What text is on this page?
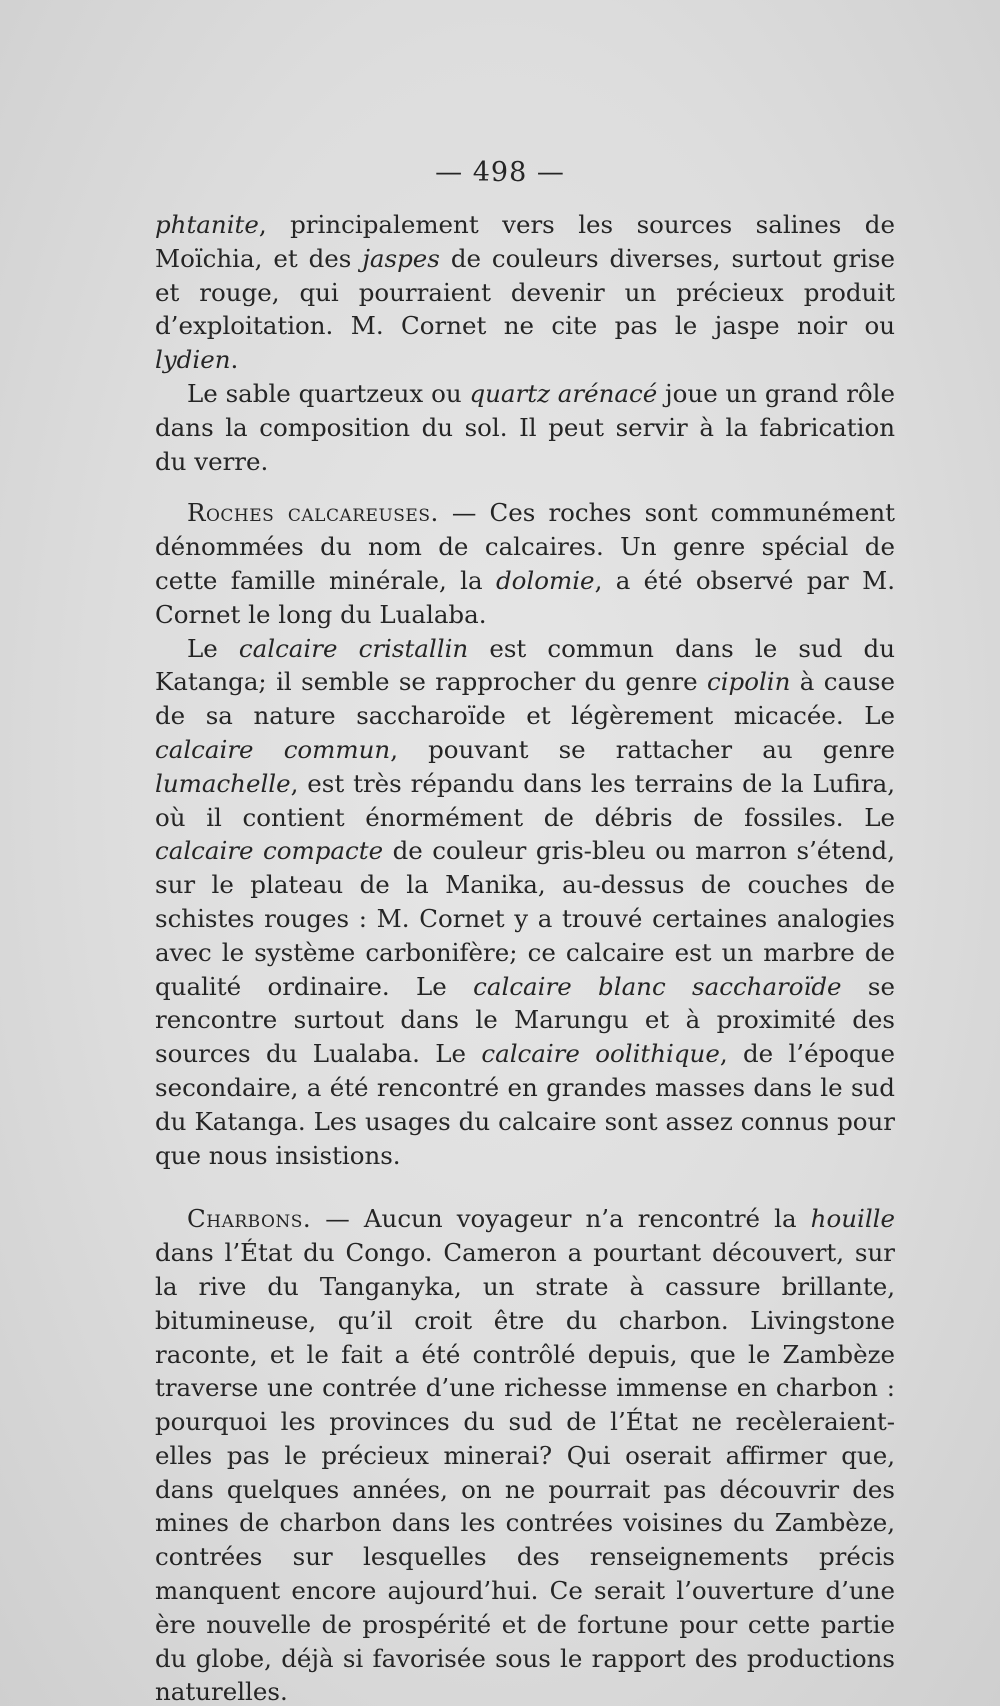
— 498 —

phtanite, principalement vers les sources salines de Moïchia, et des jaspes de couleurs diverses, surtout grise et rouge, qui pourraient devenir un précieux produit d’exploitation. M. Cornet ne cite pas le jaspe noir ou lydien.

Le sable quartzeux ou quartz arénacé joue un grand rôle dans la composition du sol. Il peut servir à la fabrication du verre.

Roches calcareuses. — Ces roches sont communément dénommées du nom de calcaires. Un genre spécial de cette famille minérale, la dolomie, a été observé par M. Cornet le long du Lualaba.

Le calcaire cristallin est commun dans le sud du Katanga; il semble se rapprocher du genre cipolin à cause de sa nature saccharoïde et légèrement micacée. Le calcaire commun, pouvant se rattacher au genre lumachelle, est très répandu dans les terrains de la Lufira, où il contient énormément de débris de fossiles. Le calcaire compacte de couleur gris-bleu ou marron s’étend, sur le plateau de la Manika, au-dessus de couches de schistes rouges : M. Cornet y a trouvé certaines analogies avec le système carbonifère; ce calcaire est un marbre de qualité ordinaire. Le calcaire blanc saccharoïde se rencontre surtout dans le Marungu et à proximité des sources du Lualaba. Le calcaire oolithique, de l’époque secondaire, a été rencontré en grandes masses dans le sud du Katanga. Les usages du calcaire sont assez connus pour que nous insistions.

Charbons. — Aucun voyageur n’a rencontré la houille dans l’État du Congo. Cameron a pourtant découvert, sur la rive du Tanganyka, un strate à cassure brillante, bitumineuse, qu’il croit être du charbon. Livingstone raconte, et le fait a été contrôlé depuis, que le Zambèze traverse une contrée d’une richesse immense en charbon : pourquoi les provinces du sud de l’État ne recèleraient-elles pas le précieux minerai? Qui oserait affirmer que, dans quelques années, on ne pourrait pas découvrir des mines de charbon dans les contrées voisines du Zambèze, contrées sur lesquelles des renseignements précis manquent encore aujourd’hui. Ce serait l’ouverture d’une ère nouvelle de prospérité et de fortune pour cette partie du globe, déjà si favorisée sous le rapport des productions naturelles.
